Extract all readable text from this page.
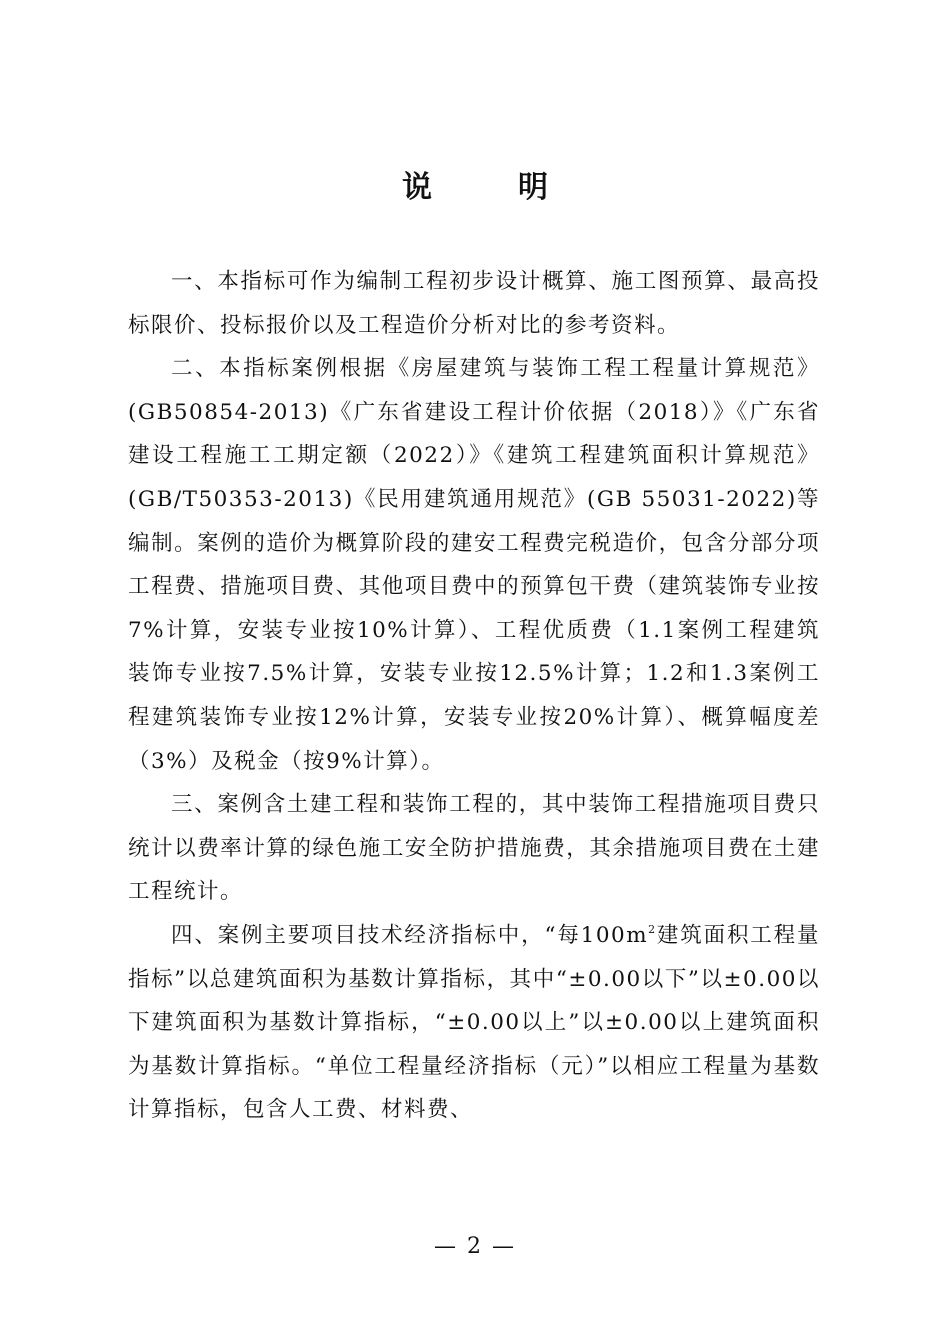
说　明

一、本指标可作为编制工程初步设计概算、施工图预算、最高投标限价、投标报价以及工程造价分析对比的参考资料。

二、本指标案例根据《房屋建筑与装饰工程工程量计算规范》(GB50854-2013)《广东省建设工程计价依据（2018）》《广东省建设工程施工工期定额（2022）》《建筑工程建筑面积计算规范》(GB/T50353-2013)《民用建筑通用规范》(GB 55031-2022)等编制。案例的造价为概算阶段的建安工程费完税造价，包含分部分项工程费、措施项目费、其他项目费中的预算包干费（建筑装饰专业按7%计算，安装专业按10%计算）、工程优质费（1.1案例工程建筑装饰专业按7.5%计算，安装专业按12.5%计算；1.2和1.3案例工程建筑装饰专业按12%计算，安装专业按20%计算）、概算幅度差（3%）及税金（按9%计算）。

三、案例含土建工程和装饰工程的，其中装饰工程措施项目费只统计以费率计算的绿色施工安全防护措施费，其余措施项目费在土建工程统计。

四、案例主要项目技术经济指标中，“每$100m^2$建筑面积工程量指标”以总建筑面积为基数计算指标，其中“±0.00以下”以±0.00以下建筑面积为基数计算指标，“±0.00以上”以±0.00以上建筑面积为基数计算指标。“单位工程量经济指标（元）”以相应工程量为基数计算指标，包含人工费、材料费、

— 2 —
